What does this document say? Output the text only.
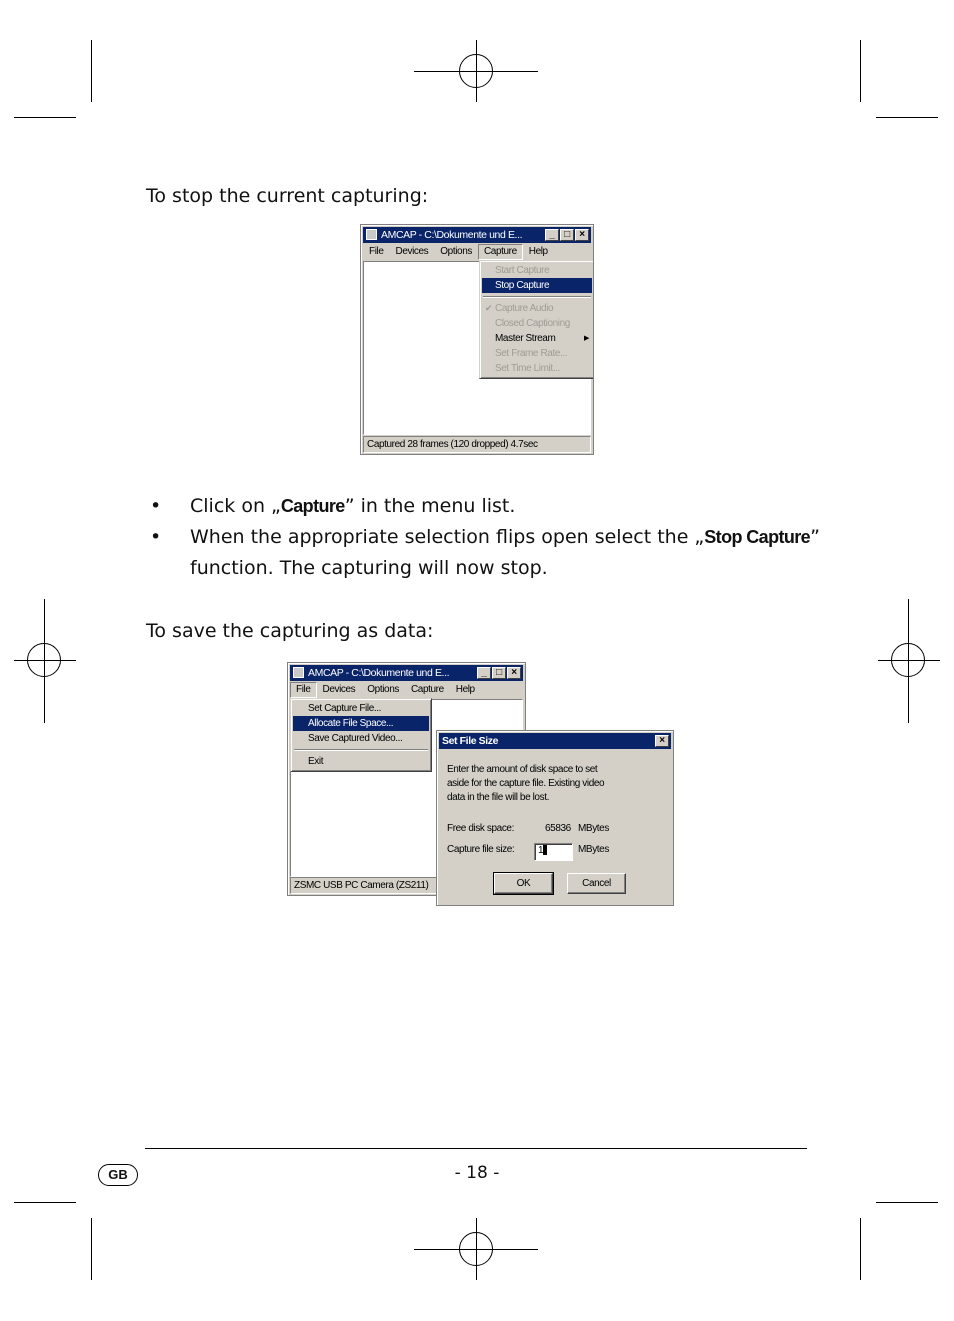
To stop the current capturing:
AMCAP - C:\Dokumente und E...	_ □ ×
File	Devices	Options	Capture	Help
Captured 28 frames (120 dropped) 4.7sec
Start Capture
Stop Capture
✔ Capture Audio
Closed Captioning
Master Stream	▶
Set Frame Rate...
Set Time Limit...
• Click on „Capture” in the menu list.
• When the appropriate selection flips open select the „Stop Capture”
function. The capturing will now stop.
To save the capturing as data:
AMCAP - C:\Dokumente und E...	_ □ ×
File	Devices	Options	Capture	Help
ZSMC USB PC Camera (ZS211)
Set Capture File...
Allocate File Space...
Save Captured Video...
Exit
Set File Size	×
Enter the amount of disk space to set
aside for the capture file. Existing video
data in the file will be lost.
Free disk space:	65836 MBytes
Capture file size:	1	MBytes
OK	Cancel
GB	- 18 -
